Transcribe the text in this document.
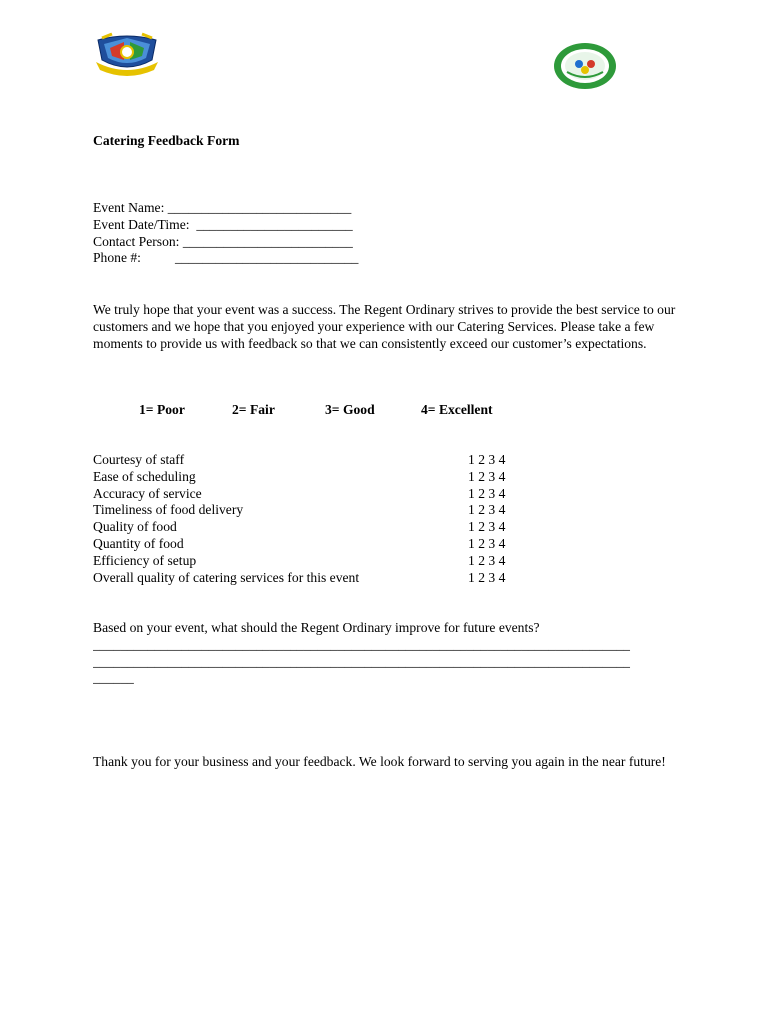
Catering Feedback Form
Event Name: ___________________________
Event Date/Time:  _______________________
Contact Person: _________________________
Phone #:          ___________________________
We truly hope that your event was a success. The Regent Ordinary strives to provide the best service to our customers and we hope that you enjoyed your experience with our Catering Services. Please take a few moments to provide us with feedback so that we can consistently exceed our customer’s expectations.
1= Poor	2= Fair	3= Good	4= Excellent
Courtesy of staff	1 2 3 4
Ease of scheduling	1 2 3 4
Accuracy of service	1 2 3 4
Timeliness of food delivery	1 2 3 4
Quality of food	1 2 3 4
Quantity of food	1 2 3 4
Efficiency of setup	1 2 3 4
Overall quality of catering services for this event	1 2 3 4
Based on your event, what should the Regent Ordinary improve for future events?
_______________________________________________________________________________
_______________________________________________________________________________
______
Thank you for your business and your feedback. We look forward to serving you again in the near future!
